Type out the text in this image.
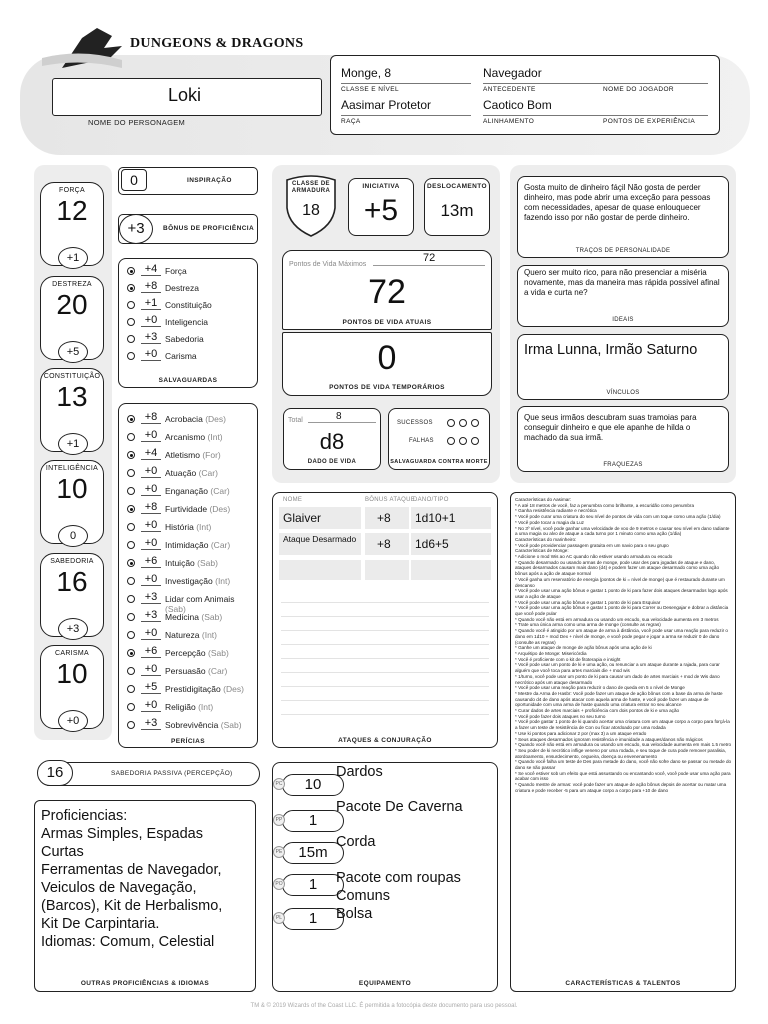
DUNGEONS & DRAGONS
Loki
NOME DO PERSONAGEM
Monge, 8
CLASSE E NÍVEL
Navegador
ANTECEDENTE	NOME DO JOGADOR
Aasimar Protetor
RAÇA
Caotico Bom
ALINHAMENTO	PONTOS DE EXPERIÊNCIA
FORÇA
12
+1
DESTREZA
20
+5
CONSTITUIÇÃO
13
+1
INTELIGÊNCIA
10
0
SABEDORIA
16
+3
CARISMA
10
+0
0	INSPIRAÇÃO
+3	BÔNUS DE PROFICIÊNCIA
+4 Força
+8 Destreza
+1 Constituição
+0 Inteligencia
+3 Sabedoria
+0 Carisma
SALVAGUARDAS
+8 Acrobacia (Des)
+0 Arcanismo (Int)
+4 Atletismo (For)
+0 Atuação (Car)
+0 Enganação (Car)
+8 Furtividade (Des)
+0 História (Int)
+0 Intimidação (Car)
+6 Intuição (Sab)
+0 Investigação (Int)
+3 Lidar com Animais (Sab)
+3 Medicina (Sab)
+0 Natureza (Int)
+6 Percepção (Sab)
+0 Persuasão (Car)
+5 Prestidigitação (Des)
+0 Religião (Int)
+3 Sobrevivência (Sab)
PERÍCIAS
16	SABEDORIA PASSIVA (PERCEPÇÃO)
Proficiencias:
Armas Simples, Espadas
Curtas
Ferramentas de Navegador,
Veiculos de Navegação,
(Barcos), Kit de Herbalismo,
Kit De Carpintaria.
Idiomas: Comum, Celestial
OUTRAS PROFICIÊNCIAS & IDIOMAS
CLASSE DE ARMADURA
18
INICIATIVA
+5
DESLOCAMENTO
13m
Pontos de Vida Máximos
72
72
PONTOS DE VIDA ATUAIS
0
PONTOS DE VIDA TEMPORÁRIOS
Total	8
d8
DADO DE VIDA
SUCESSOS
FALHAS
SALVAGUARDA CONTRA MORTE
NOME	BÔNUS ATAQUE
DANO/TIPO
Glaiver	+8 1d10+1
Ataque Desarmado +8 1d6+5
ATAQUES & CONJURAÇÃO
EQUIPAMENTO
PC 10
PP 1
PE 15m
PO 1
PL 1
Dardos
Pacote De Caverna
Corda
Pacote com roupas
Comuns
Bolsa
Gosta muito de dinheiro fáçil Não gosta de perder dinheiro, mas pode abrir uma exceção para pessoas com necessidades, apesar de quase enlouquecer fazendo isso por não gostar de perde dinheiro.
TRAÇOS DE PERSONALIDADE
Quero ser muito rico, para não presenciar a miséria novamente, mas da maneira mas rápida possivel afinal a vida e curta ne?
IDEAIS
Irma Lunna, Irmão Saturno
VÍNCULOS
Que seus irmãos descubram suas tramoias para conseguir dinheiro e que ele apanhe de hilda o machado da sua irmã.
FRAQUEZAS
Características do Aasimar:
* A até 18 metros de você, faz a penumbra como brilhante, a escuridão como penumbra
* Ganha resistência radiante e necrótica
* Você pode curar uma criatura do seu nível de pontos de vida com um toque como uma ação (1/dia)
* Você pode tocar a magia da Luz
* No 3º nível, você pode ganhar uma velocidade de voo de 9 metros e causar seu nível em dano radiante a uma magia ou alvo de ataque a cada turno por 1 minuto como uma ação (1/dia)
Características do marinheiro:
* Você pode providenciar passagem gratuita em um navio para o seu grupo
Características de Monge:
* Adicione o mod Wis ao AC quando não estiver usando armadura ou escudo
* Quando desarmado ou usando armas de monge, pode usar des para jogadas de ataque e dano, ataques desarmados causam mais dano (d4) e podem fazer um ataque desarmado como uma ação bônus após a ação de ataque normal
* Você ganha um reservatório de energia (pontos de ki = nível de monge) que é restaurado durante um descanso
* Você pode usar uma ação bônus e gastar 1 ponto de ki para fazer dois ataques desarmados logo após usar a ação de ataque
* Você pode usar uma ação bônus e gastar 1 ponto de ki para Esquivar
* Você pode usar uma ação bônus e gastar 1 ponto de ki para Correr ou Desengajar e dobrar a distância que você pode pular
* Quando você não está em armadura ou usando um escudo, sua velocidade aumenta em 3 metros
* Trate uma única arma como uma arma de monge (consulte as regras)
* Quando você é atingido por um ataque de arma à distância, você pode usar uma reação para reduzir o dano em 1d10 + mod Dex + nível de monge, e você pode pegar e jogar a arma se reduzir 0 de dano (consulte as regras)
* Ganhe um ataque de monge de ação bônus após uma ação de ki
* Arquétipo de Monge: Misericórdia
* Você é proficiente com o kit de fitoterapia e insight
* Você pode usar um ponto de ki e uma ação, ou renunciar a um ataque durante a rajada, para curar alguém que você toca para artes marciais die + mod wis
* 1/turno, você pode usar um ponto de ki para causar um dado de artes marciais + mod de Wis dano necrótico após um ataque desarmado
* Você pode usar uma reação para reduzir o dano de queda em 5 x nível de Monge
* Mestre da Arma de Hasbr: Você pode fazer um ataque de ação bônus com a base da arma de haste causando d4 de dano após atacar com aquela arma de haste, e você pode fazer um ataque de oportunidade com uma arma de haste quando uma criatura entrar no seu alcance
* Curar dados de artes marciais + proficiência com dois pontos de ki e uma ação
* Você pode fazer dois ataques no seu turno
* Você pode gastar 1 ponto de ki quando acertar uma criatura com um ataque corpo a corpo para forçá-la a fazer um teste de resistência de Con ou ficar atordoado por uma rodada
* Use ki pontos para adicionar 2 por (max 3) a um ataque errado
* Seus ataques desarmados ignoram resistência e imunidade a ataques/danos não mágicos
* Quando você não está em armadura ou usando um escudo, sua velocidade aumenta em mais 1.5 metro
* Seu poder de ki necrótico inflige veneno por uma rodada, e seu toque de cura pode remover paralisia, atordoamento, ensurdecimento, cegueira, doença ou envenenamento
* Quando você falha um teste de Des para metade do dano, você não sofre dano se passar ou metade do dano se não passar
* Se você estiver sob um efeito que está assustando ou encantando você, você pode usar uma ação para acabar com isso
* Quando mestre de armas: você pode fazer um ataque de ação bônus depois de acertar ou matar uma criatura e pode receber -5 para um ataque corpo a corpo para +10 de dano
CARACTERÍSTICAS & TALENTOS
TM & © 2019 Wizards of the Coast LLC. É permitida a fotocópia deste documento para uso pessoal.
